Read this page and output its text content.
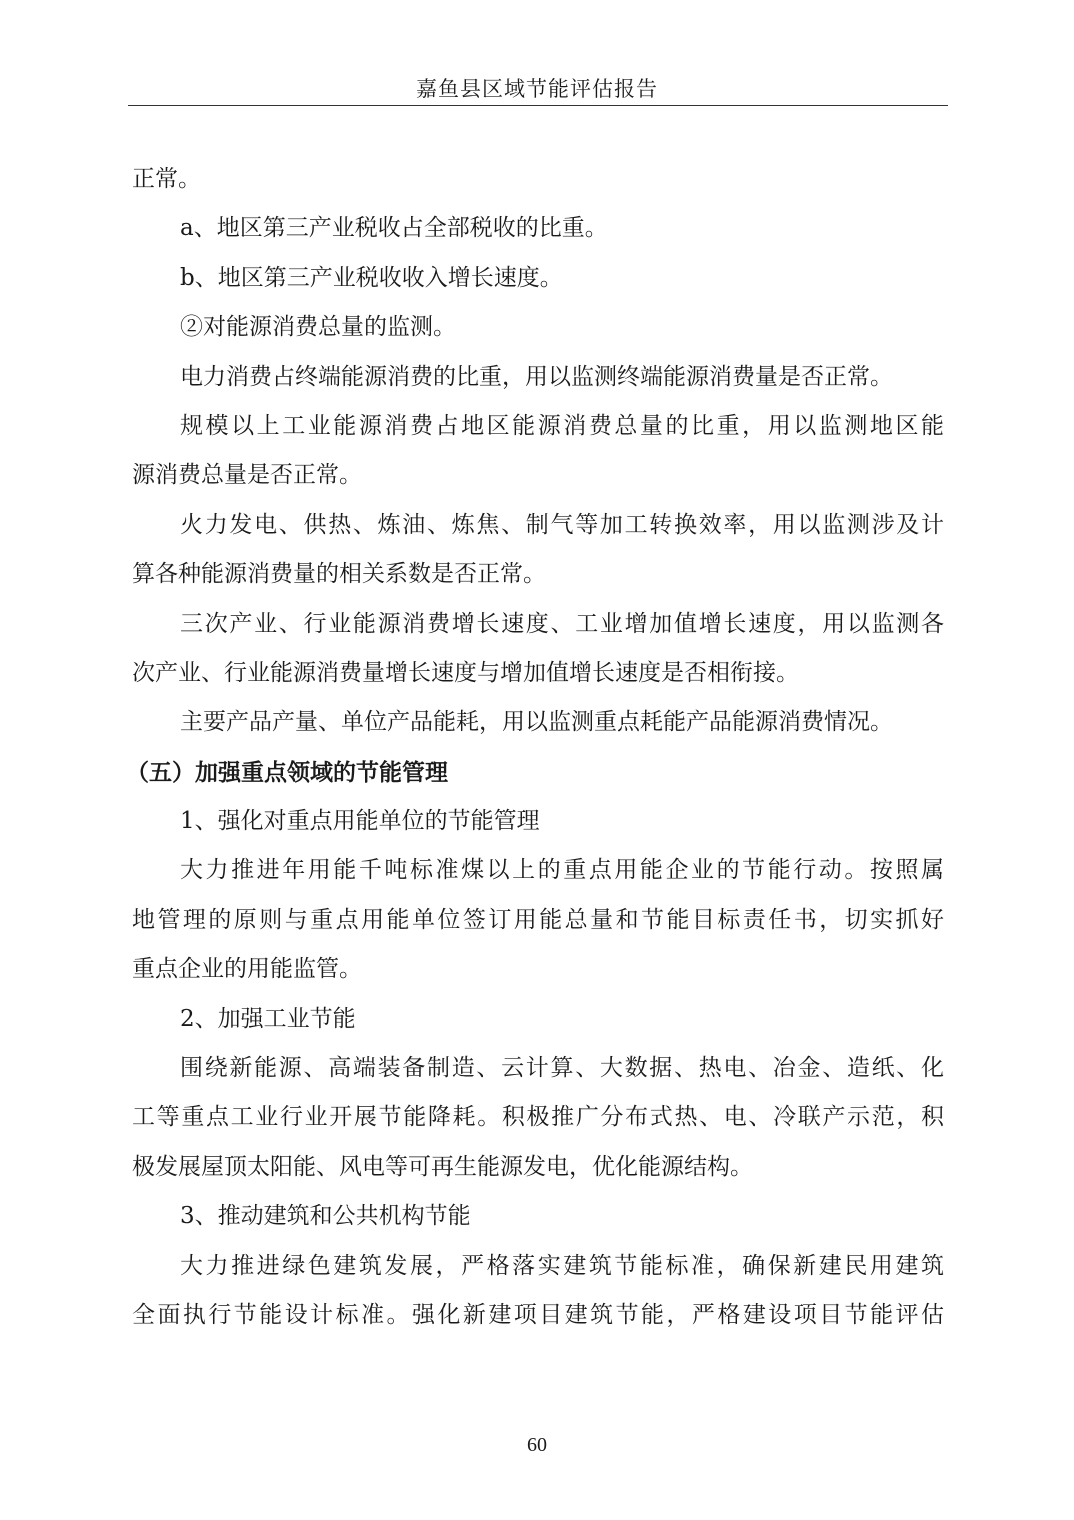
嘉鱼县区域节能评估报告
正常。
a、地区第三产业税收占全部税收的比重。
b、地区第三产业税收收入增长速度。
②对能源消费总量的监测。
电力消费占终端能源消费的比重，用以监测终端能源消费量是否正常。
规模以上工业能源消费占地区能源消费总量的比重，用以监测地区能
源消费总量是否正常。
火力发电、供热、炼油、炼焦、制气等加工转换效率，用以监测涉及计
算各种能源消费量的相关系数是否正常。
三次产业、行业能源消费增长速度、工业增加值增长速度，用以监测各
次产业、行业能源消费量增长速度与增加值增长速度是否相衔接。
主要产品产量、单位产品能耗，用以监测重点耗能产品能源消费情况。
（五）加强重点领域的节能管理
1、强化对重点用能单位的节能管理
大力推进年用能千吨标准煤以上的重点用能企业的节能行动。按照属
地管理的原则与重点用能单位签订用能总量和节能目标责任书，切实抓好
重点企业的用能监管。
2、加强工业节能
围绕新能源、高端装备制造、云计算、大数据、热电、冶金、造纸、化
工等重点工业行业开展节能降耗。积极推广分布式热、电、冷联产示范，积
极发展屋顶太阳能、风电等可再生能源发电，优化能源结构。
3、推动建筑和公共机构节能
大力推进绿色建筑发展，严格落实建筑节能标准，确保新建民用建筑
全面执行节能设计标准。强化新建项目建筑节能，严格建设项目节能评估
60
